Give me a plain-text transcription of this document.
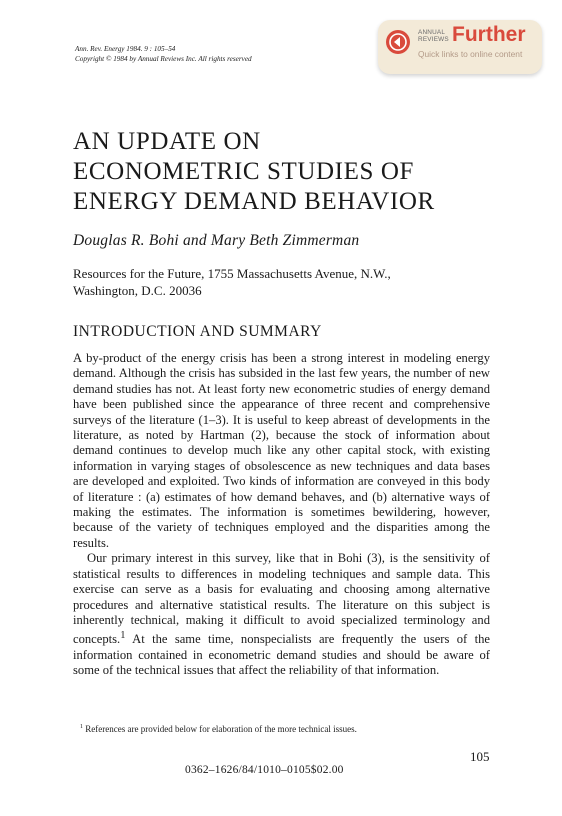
Ann. Rev. Energy 1984. 9 : 105–54
Copyright © 1984 by Annual Reviews Inc. All rights reserved
ANNUAL
REVIEWS Further
Quick links to online content
AN UPDATE ON
ECONOMETRIC STUDIES OF
ENERGY DEMAND BEHAVIOR
Douglas R. Bohi and Mary Beth Zimmerman
Resources for the Future, 1755 Massachusetts Avenue, N.W.,
Washington, D.C. 20036
INTRODUCTION AND SUMMARY

A by-product of the energy crisis has been a strong interest in modeling energy demand. Although the crisis has subsided in the last few years, the number of new demand studies has not. At least forty new econometric studies of energy demand have been published since the appearance of three recent and comprehensive surveys of the literature (1–3). It is useful to keep abreast of developments in the literature, as noted by Hartman (2), because the stock of information about demand continues to develop much like any other capital stock, with existing information in varying stages of obsolescence as new techniques and data bases are developed and exploited. Two kinds of information are conveyed in this body of literature : (a) estimates of how demand behaves, and (b) alternative ways of making the estimates. The information is sometimes bewildering, however, because of the variety of techniques employed and the disparities among the results.

Our primary interest in this survey, like that in Bohi (3), is the sensitivity of statistical results to differences in modeling techniques and sample data. This exercise can serve as a basis for evaluating and choosing among alternative procedures and alternative statistical results. The literature on this subject is inherently technical, making it difficult to avoid specialized terminology and concepts.$^1$ At the same time, nonspecialists are frequently the users of the information contained in econometric demand studies and should be aware of some of the technical issues that affect the reliability of that information.

$^1$ References are provided below for elaboration of the more technical issues.
105
0362–1626/84/1010–0105$02.00
